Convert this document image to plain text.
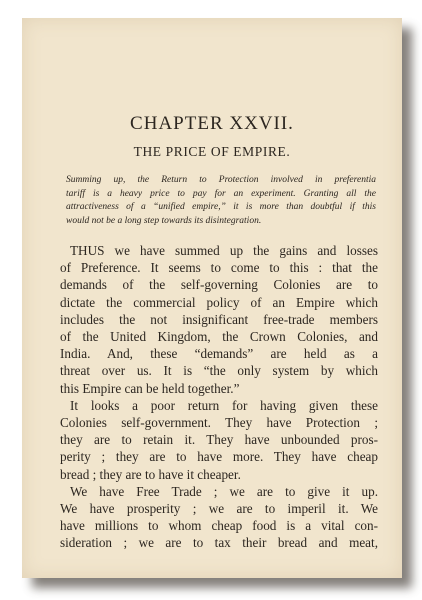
CHAPTER XXVII.
THE PRICE OF EMPIRE.
Summing up, the Return to Protection involved in preferentia
tariff is a heavy price to pay for an experiment. Granting all the
attractiveness of a “unified empire,” it is more than doubtful if this
would not be a long step towards its disintegration.
THUS we have summed up the gains and losses
of Preference. It seems to come to this : that the
demands of the self-governing Colonies are to
dictate the commercial policy of an Empire which
includes the not insignificant free-trade members
of the United Kingdom, the Crown Colonies, and
India. And, these “demands” are held as a
threat over us. It is “the only system by which
this Empire can be held together.”
It looks a poor return for having given these
Colonies self-government. They have Protection ;
they are to retain it. They have unbounded pros-
perity ; they are to have more. They have cheap
bread ; they are to have it cheaper.
We have Free Trade ; we are to give it up.
We have prosperity ; we are to imperil it. We
have millions to whom cheap food is a vital con-
sideration ; we are to tax their bread and meat,
